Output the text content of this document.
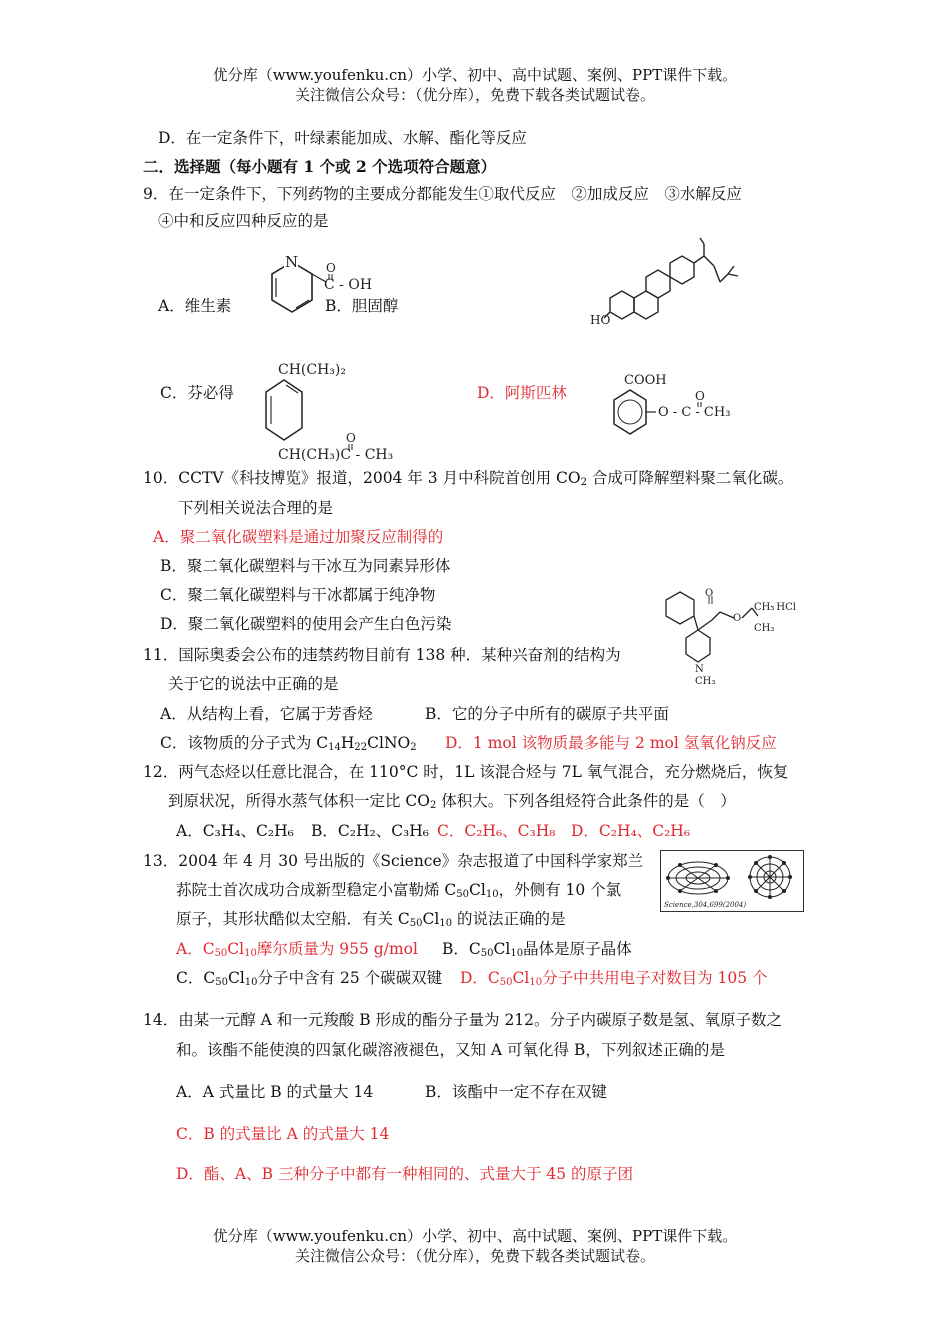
优分库（www.youfenku.cn）小学、初中、高中试题、案例、PPT课件下载。
关注微信公众号：（优分库），免费下载各类试题试卷。
D．在一定条件下，叶绿素能加成、水解、酯化等反应
二．选择题（每小题有 1 个或 2 个选项符合题意）
9．在一定条件下，下列药物的主要成分都能发生①取代反应　②加成反应　③水解反应
④中和反应四种反应的是
A．维生素	B．胆固醇
C．芬必得	D．阿斯匹林
N O
C - OH
HO
CH(CH₃)₂
O
CH(CH₃)C - CH₃
COOH
O
O - C - CH₃
10．CCTV《科技博览》报道，2004 年 3 月中科院首创用 $CO_2$ 合成可降解塑料聚二氧化碳。
下列相关说法合理的是
A．聚二氧化碳塑料是通过加聚反应制得的
B．聚二氧化碳塑料与干冰互为同素异形体
C．聚二氧化碳塑料与干冰都属于纯净物
D．聚二氧化碳塑料的使用会产生白色污染
O
O
CH₃
CH₃
· HCl
N
CH₃
11．国际奥委会公布的违禁药物目前有 138 种．某种兴奋剂的结构为
关于它的说法中正确的是
A．从结构上看，它属于芳香烃	B．它的分子中所有的碳原子共平面
C．该物质的分子式为 $C_{14}H_{22}ClNO_2$ D．1 mol 该物质最多能与 2 mol 氢氧化钠反应
12．两气态烃以任意比混合，在 110°C 时，1L 该混合烃与 7L 氧气混合，充分燃烧后，恢复
到原状况，所得水蒸气体积一定比 $CO_2$ 体积大。下列各组烃符合此条件的是（　）
A．C₃H₄、C₂H₆ B．C₂H₂、C₃H₆ C．C₂H₆、C₃H₈ D．C₂H₄、C₂H₆
13．2004 年 4 月 30 号出版的《Science》杂志报道了中国科学家郑兰
荪院士首次成功合成新型稳定小富勒烯 $C_{50}Cl_{10}$，外侧有 10 个氯
原子，其形状酷似太空船．有关 $C_{50}Cl_{10}$ 的说法正确的是
A．$C_{50}Cl_{10}$摩尔质量为 955 g/mol B．$C_{50}Cl_{10}$晶体是原子晶体
C．$C_{50}Cl_{10}$分子中含有 25 个碳碳双键 D．$C_{50}Cl_{10}$分子中共用电子对数目为 105 个
Science,304,699(2004)
14．由某一元醇 A 和一元羧酸 B 形成的酯分子量为 212。分子内碳原子数是氢、氧原子数之
和。该酯不能使溴的四氯化碳溶液褪色，又知 A 可氧化得 B，下列叙述正确的是
A．A 式量比 B 的式量大 14	B．该酯中一定不存在双键
C．B 的式量比 A 的式量大 14
D．酯、A、B 三种分子中都有一种相同的、式量大于 45 的原子团
优分库（www.youfenku.cn）小学、初中、高中试题、案例、PPT课件下载。
关注微信公众号：（优分库），免费下载各类试题试卷。
